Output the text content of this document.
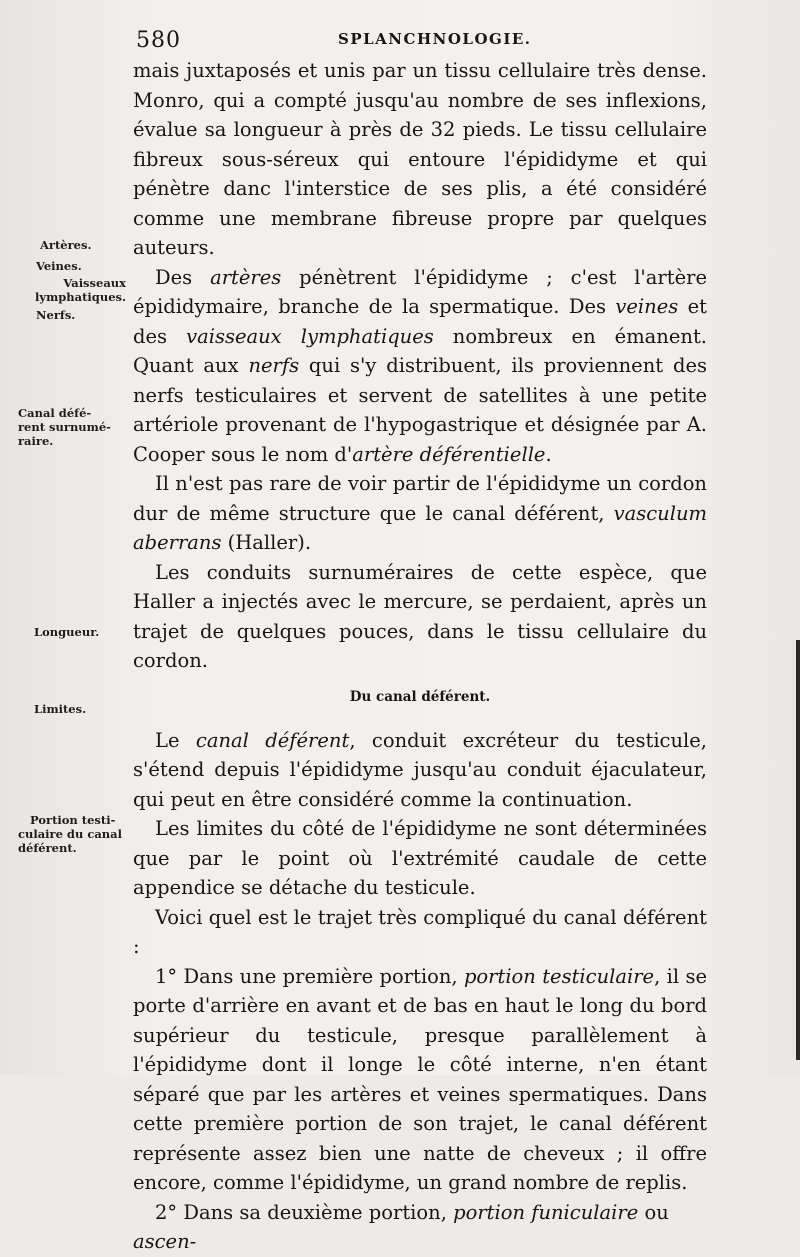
580	SPLANCHNOLOGIE.
Artères.
Veines.
Vaisseaux
lymphatiques.
Nerfs.
Canal défé-
rent surnumé-
raire.
Longueur.
Limites.
Portion testi-
culaire du canal
déférent.

mais juxtaposés et unis par un tissu cellulaire très dense. Monro, qui a compté jusqu'au nombre de ses inflexions, évalue sa longueur à près de 32 pieds. Le tissu cellulaire fibreux sous-séreux qui entoure l'épididyme et qui pénètre danc l'interstice de ses plis, a été considéré comme une membrane fibreuse propre par quelques auteurs.

Des artères pénètrent l'épididyme ; c'est l'artère épididymaire, branche de la spermatique. Des veines et des vaisseaux lymphatiques nombreux en émanent. Quant aux nerfs qui s'y distribuent, ils proviennent des nerfs testiculaires et servent de satellites à une petite artériole provenant de l'hypogastrique et désignée par A. Cooper sous le nom d'artère déférentielle.

Il n'est pas rare de voir partir de l'épididyme un cordon dur de même structure que le canal déférent, vasculum aberrans (Haller).

Les conduits surnuméraires de cette espèce, que Haller a injectés avec le mercure, se perdaient, après un trajet de quelques pouces, dans le tissu cellulaire du cordon.

Du canal déférent.

Le canal déférent, conduit excréteur du testicule, s'étend depuis l'épididyme jusqu'au conduit éjaculateur, qui peut en être considéré comme la continuation.

Les limites du côté de l'épididyme ne sont déterminées que par le point où l'extrémité caudale de cette appendice se détache du testicule.

Voici quel est le trajet très compliqué du canal déférent :

1° Dans une première portion, portion testiculaire, il se porte d'arrière en avant et de bas en haut le long du bord supérieur du testicule, presque parallèlement à l'épididyme dont il longe le côté interne, n'en étant séparé que par les artères et veines spermatiques. Dans cette première portion de son trajet, le canal déférent représente assez bien une natte de cheveux ; il offre encore, comme l'épididyme, un grand nombre de replis.

2° Dans sa deuxième portion, portion funiculaire ou ascen-
